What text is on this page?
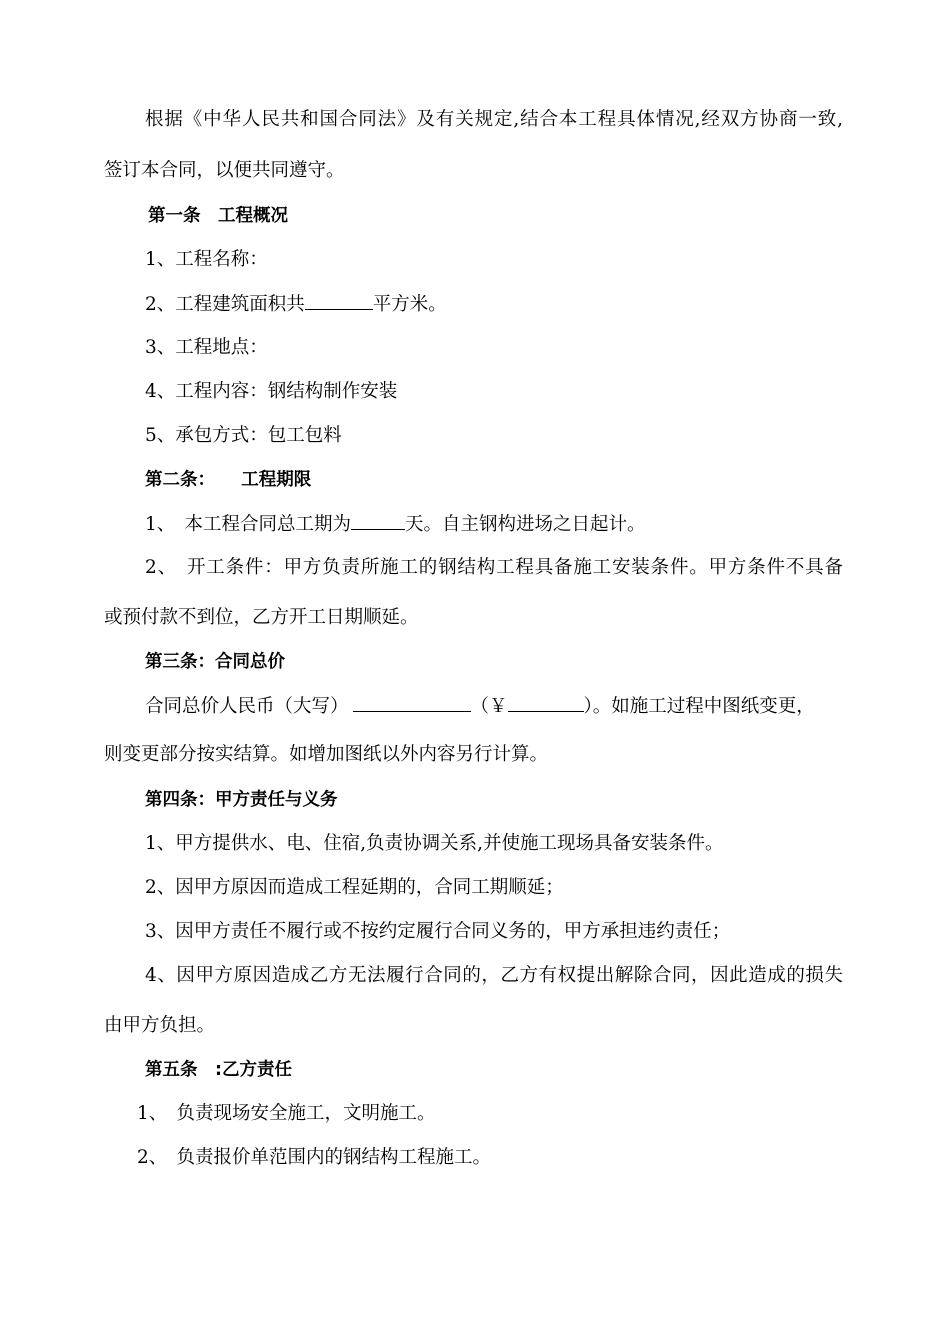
根据《中华人民共和国合同法》及有关规定,结合本工程具体情况,经双方协商一致,
签订本合同，以便共同遵守。
第一条　工程概况
1、工程名称：
2、工程建筑面积共	平方米。
3、工程地点：
4、工程内容：钢结构制作安装
5、承包方式：包工包料
第二条：　　工程期限
1、　本工程合同总工期为	天。自主钢构进场之日起计。
2、　开工条件：甲方负责所施工的钢结构工程具备施工安装条件。甲方条件不具备
或预付款不到位，乙方开工日期顺延。
第三条：合同总价
合同总价人民币（大写）	（￥	）。如施工过程中图纸变更，
则变更部分按实结算。如增加图纸以外内容另行计算。
第四条：甲方责任与义务
1、甲方提供水、电、住宿,负责协调关系,并使施工现场具备安装条件。
2、因甲方原因而造成工程延期的，合同工期顺延；
3、因甲方责任不履行或不按约定履行合同义务的，甲方承担违约责任；
4、因甲方原因造成乙方无法履行合同的，乙方有权提出解除合同，因此造成的损失
由甲方负担。
第五条　:乙方责任
1、　负责现场安全施工，文明施工。
2、　负责报价单范围内的钢结构工程施工。
